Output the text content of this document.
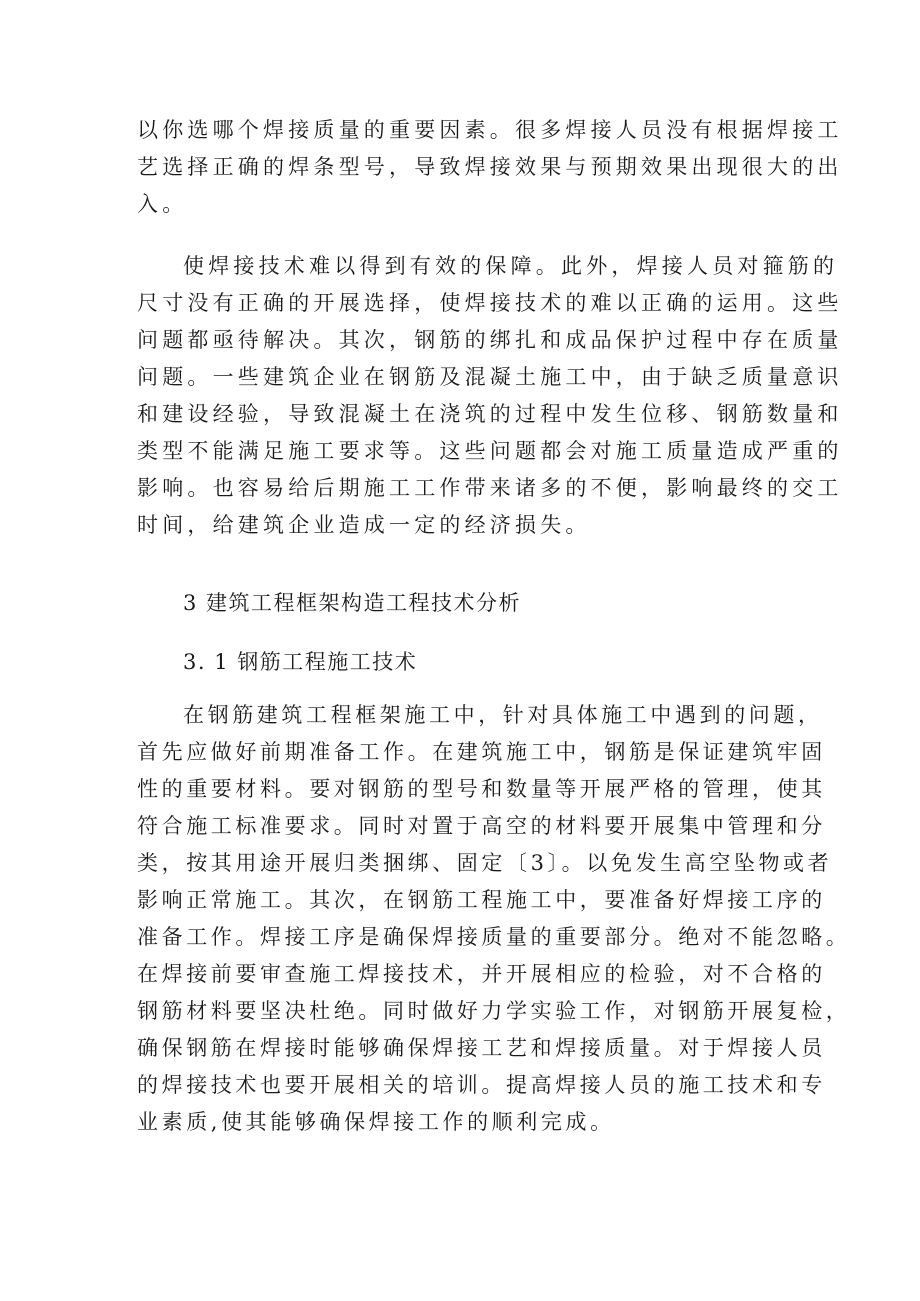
以你选哪个焊接质量的重要因素。很多焊接人员没有根据焊接工
艺选择正确的焊条型号，导致焊接效果与预期效果出现很大的出
入。
使焊接技术难以得到有效的保障。此外，焊接人员对箍筋的
尺寸没有正确的开展选择，使焊接技术的难以正确的运用。这些
问题都亟待解决。其次，钢筋的绑扎和成品保护过程中存在质量
问题。一些建筑企业在钢筋及混凝土施工中，由于缺乏质量意识
和建设经验，导致混凝土在浇筑的过程中发生位移、钢筋数量和
类型不能满足施工要求等。这些问题都会对施工质量造成严重的
影响。也容易给后期施工工作带来诸多的不便，影响最终的交工
时间，给建筑企业造成一定的经济损失。
3 建筑工程框架构造工程技术分析
3. 1 钢筋工程施工技术
在钢筋建筑工程框架施工中，针对具体施工中遇到的问题，
首先应做好前期准备工作。在建筑施工中，钢筋是保证建筑牢固
性的重要材料。要对钢筋的型号和数量等开展严格的管理，使其
符合施工标准要求。同时对置于高空的材料要开展集中管理和分
类，按其用途开展归类捆绑、固定〔3〕。以免发生高空坠物或者
影响正常施工。其次，在钢筋工程施工中，要准备好焊接工序的
准备工作。焊接工序是确保焊接质量的重要部分。绝对不能忽略。
在焊接前要审查施工焊接技术，并开展相应的检验，对不合格的
钢筋材料要坚决杜绝。同时做好力学实验工作，对钢筋开展复检，
确保钢筋在焊接时能够确保焊接工艺和焊接质量。对于焊接人员
的焊接技术也要开展相关的培训。提高焊接人员的施工技术和专
业素质,使其能够确保焊接工作的顺利完成。
